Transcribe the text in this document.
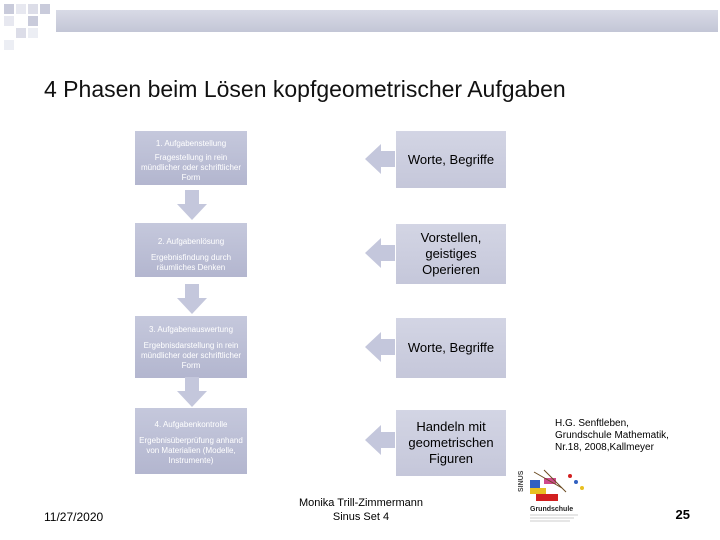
4 Phasen beim Lösen kopfgeometrischer Aufgaben
1. Aufgabenstellung
Fragestellung in rein mündlicher oder schriftlicher Form
2. Aufgabenlösung
Ergebnisfindung durch räumliches Denken
3. Aufgabenauswertung
Ergebnisdarstellung in rein mündlicher oder schriftlicher Form
4. Aufgabenkontrolle
Ergebnisüberprüfung anhand von Materialien (Modelle, Instrumente)
Worte, Begriffe
Vorstellen, geistiges Operieren
Worte, Begriffe
Handeln mit geometrischen Figuren
H.G. Senftleben,
Grundschule Mathematik,
Nr.18, 2008,Kallmeyer
SINUS
Grundschule
11/27/2020
Monika Trill-Zimmermann
Sinus Set 4	25
